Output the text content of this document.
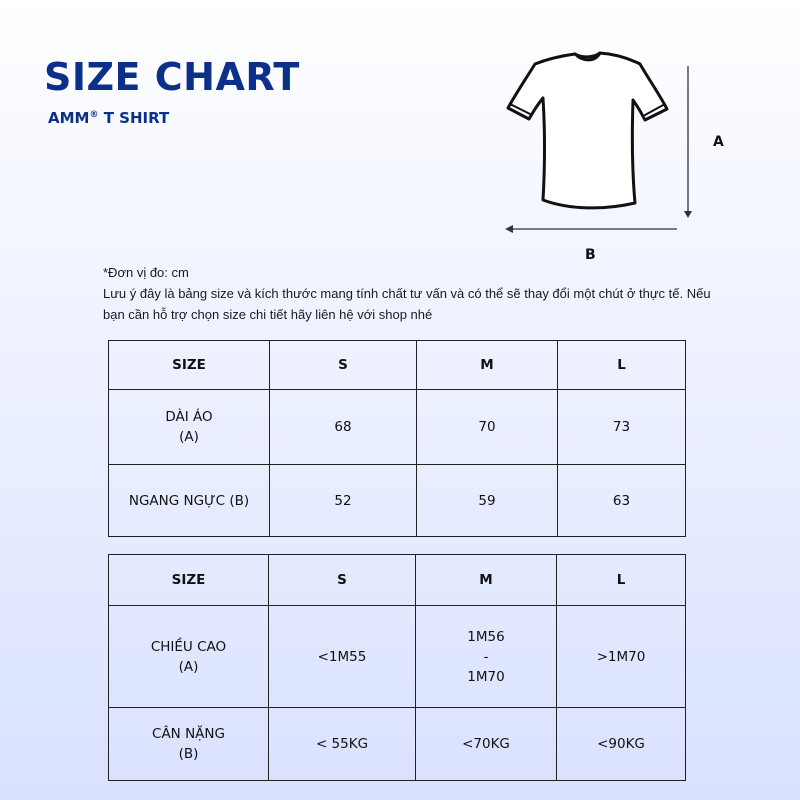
SIZE CHART
AMM® T SHIRT
A
B

*Đơn vị đo: cm

Lưu ý đây là bảng size và kích thước mang tính chất tư vấn và có thể sẽ thay đổi một chút ở thực tế. Nếu bạn cần hỗ trợ chọn size chi tiết hãy liên hệ với shop nhé

SIZE	S	M	L

DÀI ÁO
(A)	68	70	73
NGANG NGỰC (B)	52	59	63
SIZE	S	M	L

CHIỀU CAO
(A)	<1M55	1M56
-
1M70	>1M70

CÂN NẶNG
(B)	< 55KG	<70KG	<90KG
